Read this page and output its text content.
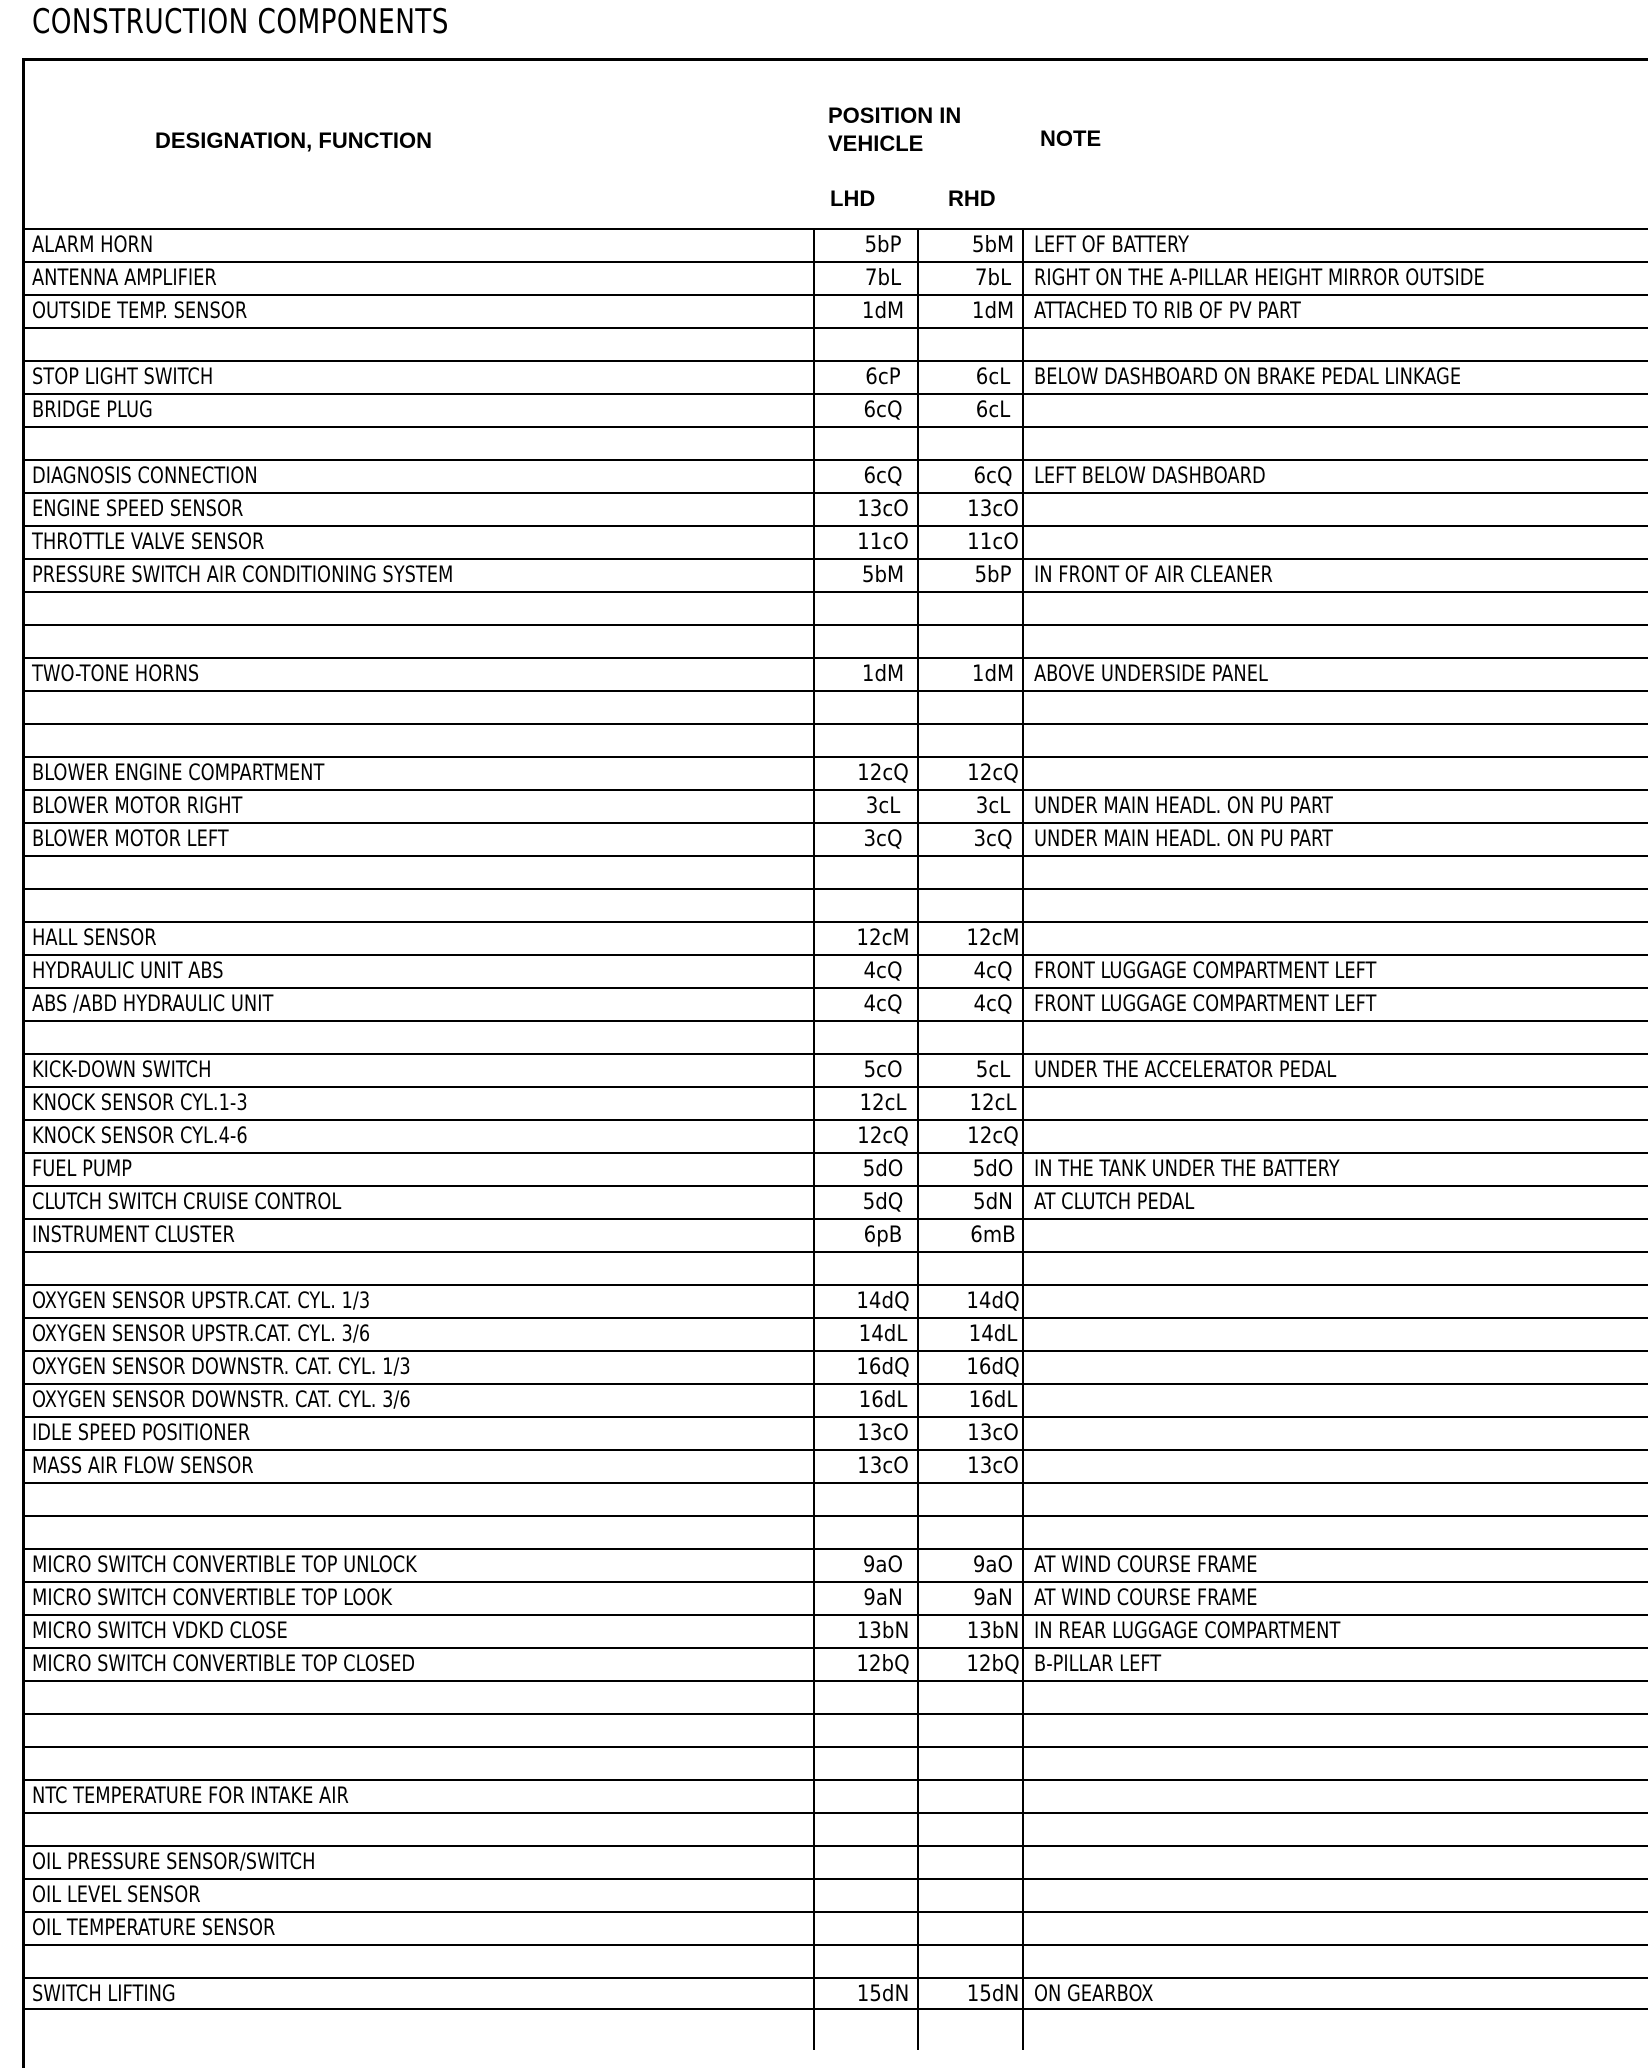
CONSTRUCTION COMPONENTS
DESIGNATION, FUNCTION
POSITION IN
VEHICLE	NOTE
LHD	RHD
ALARM HORN	5bP	5bM LEFT OF BATTERY
ANTENNA AMPLIFIER	7bL	7bL	RIGHT ON THE A-PILLAR HEIGHT MIRROR OUTSIDE
OUTSIDE TEMP. SENSOR	1dM	1dM ATTACHED TO RIB OF PV PART
STOP LIGHT SWITCH	6cP	6cL	BELOW DASHBOARD ON BRAKE PEDAL LINKAGE
BRIDGE PLUG	6cQ	6cL
DIAGNOSIS CONNECTION	6cQ	6cQ LEFT BELOW DASHBOARD
ENGINE SPEED SENSOR	13cO	13cO
THROTTLE VALVE SENSOR	11cO	11cO
PRESSURE SWITCH AIR CONDITIONING SYSTEM	5bM	5bP	IN FRONT OF AIR CLEANER
TWO-TONE HORNS	1dM	1dM ABOVE UNDERSIDE PANEL
BLOWER ENGINE COMPARTMENT	12cQ	12cQ
BLOWER MOTOR RIGHT	3cL	3cL	UNDER MAIN HEADL. ON PU PART
BLOWER MOTOR LEFT	3cQ	3cQ UNDER MAIN HEADL. ON PU PART
HALL SENSOR	12cM	12cM
HYDRAULIC UNIT ABS	4cQ	4cQ FRONT LUGGAGE COMPARTMENT LEFT
ABS /ABD HYDRAULIC UNIT	4cQ	4cQ FRONT LUGGAGE COMPARTMENT LEFT
KICK-DOWN SWITCH	5cO	5cL	UNDER THE ACCELERATOR PEDAL
KNOCK SENSOR CYL.1-3	12cL	12cL
KNOCK SENSOR CYL.4-6	12cQ	12cQ
FUEL PUMP	5dO	5dO IN THE TANK UNDER THE BATTERY
CLUTCH SWITCH CRUISE CONTROL	5dQ	5dN AT CLUTCH PEDAL
INSTRUMENT CLUSTER	6pB	6mB
OXYGEN SENSOR UPSTR.CAT. CYL. 1/3	14dQ	14dQ
OXYGEN SENSOR UPSTR.CAT. CYL. 3/6	14dL	14dL
OXYGEN SENSOR DOWNSTR. CAT. CYL. 1/3	16dQ	16dQ
OXYGEN SENSOR DOWNSTR. CAT. CYL. 3/6	16dL	16dL
IDLE SPEED POSITIONER	13cO	13cO
MASS AIR FLOW SENSOR	13cO	13cO
MICRO SWITCH CONVERTIBLE TOP UNLOCK	9aO	9aO AT WIND COURSE FRAME
MICRO SWITCH CONVERTIBLE TOP LOOK	9aN	9aN AT WIND COURSE FRAME
MICRO SWITCH VDKD CLOSE	13bN	13bN IN REAR LUGGAGE COMPARTMENT
MICRO SWITCH CONVERTIBLE TOP CLOSED	12bQ	12bQ B-PILLAR LEFT
NTC TEMPERATURE FOR INTAKE AIR
OIL PRESSURE SENSOR/SWITCH
OIL LEVEL SENSOR
OIL TEMPERATURE SENSOR
SWITCH LIFTING	15dN	15dN ON GEARBOX
